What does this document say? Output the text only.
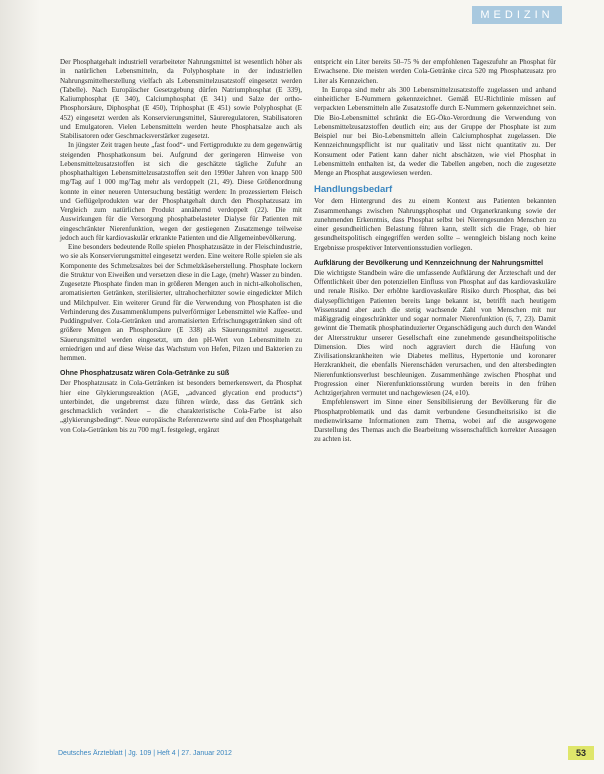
MEDIZIN

Der Phosphatgehalt industriell verarbeiteter Nahrungsmittel ist wesentlich höher als in natürlichen Lebensmitteln, da Polyphosphate in der industriellen Nahrungsmittelherstellung vielfach als Lebensmittelzusatzstoff eingesetzt werden (Tabelle). Nach Europäischer Gesetzgebung dürfen Natriumphosphat (E 339), Kaliumphosphat (E 340), Calciumphosphat (E 341) und Salze der ortho-Phosphorsäure, Diphosphat (E 450), Triphosphat (E 451) sowie Polyphosphat (E 452) eingesetzt werden als Konservierungsmittel, Säureregulatoren, Stabilisatoren und Emulgatoren. Vielen Lebensmitteln werden heute Phosphatsalze auch als Stabilisatoren oder Geschmacksverstärker zugesetzt.

In jüngster Zeit tragen heute „fast food“- und Fertigprodukte zu dem gegenwärtig steigenden Phosphatkonsum bei. Aufgrund der geringeren Hinweise von Lebensmittelzusatzstoffen ist sich die geschätzte tägliche Zufuhr an phosphathaltigen Lebensmittelzusatzstoffen seit den 1990er Jahren von knapp 500 mg/Tag auf 1 000 mg/Tag mehr als verdoppelt (21, 49). Diese Größenordnung konnte in einer neueren Untersuchung bestätigt werden: In prozessiertem Fleisch und Geflügelprodukten war der Phosphatgehalt durch den Phosphatzusatz im Vergleich zum natürlichen Produkt annähernd verdoppelt (22). Die mit Auswirkungen für die Versorgung phosphatbelasteter Dialyse für Patienten mit eingeschränkter Nierenfunktion, wegen der gestiegenen Zusatzmenge teilweise jedoch auch für kardiovaskulär erkrankte Patienten und die Allgemeinbevölkerung.

Eine besonders bedeutende Rolle spielen Phosphatzusätze in der Fleischindustrie, wo sie als Konservierungsmittel eingesetzt werden. Eine weitere Rolle spielen sie als Komponente des Schmelzsalzes bei der Schmelzkäseherstellung. Phosphate lockern die Struktur von Eiweißen und versetzen diese in die Lage, (mehr) Wasser zu binden. Zugesetzte Phosphate finden man in größeren Mengen auch in nicht-alkoholischen, aromatisierten Getränken, sterilisierter, ultrahocherhitzter sowie eingedickter Milch und Milchpulver. Ein weiterer Grund für die Verwendung von Phosphaten ist die Verhinderung des Zusammenklumpens pulverförmiger Lebensmittel wie Kaffee- und Puddingpulver. Cola-Getränken und aromatisierten Erfrischungsgetränken sind oft größere Mengen an Phosphorsäure (E 338) als Säuerungsmittel zugesetzt. Säuerungsmittel werden eingesetzt, um den pH-Wert von Lebensmitteln zu erniedrigen und auf diese Weise das Wachstum von Hefen, Pilzen und Bakterien zu hemmen.

Ohne Phosphatzusatz wären Cola-Getränke zu süß

Der Phosphatzusatz in Cola-Getränken ist besonders bemerkenswert, da Phosphat hier eine Glykierungsreaktion (AGE, „advanced glycation end products“) unterbindet, die ungebremst dazu führen würde, dass das Getränk sich geschmacklich verändert – die charakteristische Cola-Farbe ist also „glykierungsbedingt“. Neue europäische Referenzwerte sind auf den Phosphatgehalt von Cola-Getränken bis zu 700 mg/L festgelegt, ergänzt

entspricht ein Liter bereits 50–75 % der empfohlenen Tageszufuhr an Phosphat für Erwachsene. Die meisten werden Cola-Getränke circa 520 mg Phosphatzusatz pro Liter als Kennzeichen.

In Europa sind mehr als 300 Lebensmittelzusatzstoffe zugelassen und anhand einheitlicher E-Nummern gekennzeichnet. Gemäß EU-Richtlinie müssen auf verpackten Lebensmitteln alle Zusatzstoffe durch E-Nummern gekennzeichnet sein. Die Bio-Lebensmittel schränkt die EG-Öko-Verordnung die Verwendung von Lebensmittelzusatzstoffen deutlich ein; aus der Gruppe der Phosphate ist zum Beispiel nur bei Bio-Lebensmitteln allein Calciumphosphat zugelassen. Die Kennzeichnungspflicht ist nur qualitativ und lässt nicht quantitativ zu. Der Konsument oder Patient kann daher nicht abschätzen, wie viel Phosphat in Lebensmitteln enthalten ist, da weder die Tabellen angeben, noch die zugesetzte Menge an Phosphat ausgewiesen werden.

Handlungsbedarf

Vor dem Hintergrund des zu einem Kontext aus Patienten bekannten Zusammenhangs zwischen Nahrungsphosphat und Organerkrankung sowie der zunehmenden Erkenntnis, dass Phosphat selbst bei Nierengesunden Menschen zu einer gesundheitlichen Belastung führen kann, stellt sich die Frage, ob hier gesundheitspolitisch eingegriffen werden sollte – wenngleich bislang noch keine Ergebnisse prospektiver Interventionsstudien vorliegen.

Aufklärung der Bevölkerung und Kennzeichnung der Nahrungsmittel

Die wichtigste Standbein wäre die umfassende Aufklärung der Ärzteschaft und der Öffentlichkeit über den potenziellen Einfluss von Phosphat auf das kardiovaskuläre und renale Risiko. Der erhöhte kardiovaskuläre Risiko durch Phosphat, das bei dialysepflichtigen Patienten bereits lange bekannt ist, betrifft nach heutigem Wissenstand aber auch die stetig wachsende Zahl von Menschen mit nur mäßiggradig eingeschränkter und sogar normaler Nierenfunktion (6, 7, 23). Damit gewinnt die Thematik phosphatinduzierter Organschädigung auch durch den Wandel der Altersstruktur unserer Gesellschaft eine zunehmende gesundheitspolitische Dimension. Dies wird noch aggraviert durch die Häufung von Zivilisationskrankheiten wie Diabetes mellitus, Hypertonie und koronarer Herzkrankheit, die ebenfalls Nierenschäden verursachen, und den altersbedingten Nierenfunktionsverlust beschleunigen. Zusammenhänge zwischen Phosphat und Progression einer Nierenfunktionsstörung wurden bereits in den frühen Achtzigerjahren vermutet und nachgewiesen (24, e10).

Empfehlenswert im Sinne einer Sensibilisierung der Bevölkerung für die Phosphatproblematik und das damit verbundene Gesundheitsrisiko ist die medienwirksame Informationen zum Thema, wobei auf die ausgewogene Darstellung des Themas auch die Bearbeitung wissenschaftlich korrekter Aussagen zu achten ist.

Deutsches Ärzteblatt | Jg. 109 | Heft 4 | 27. Januar 2012	53
